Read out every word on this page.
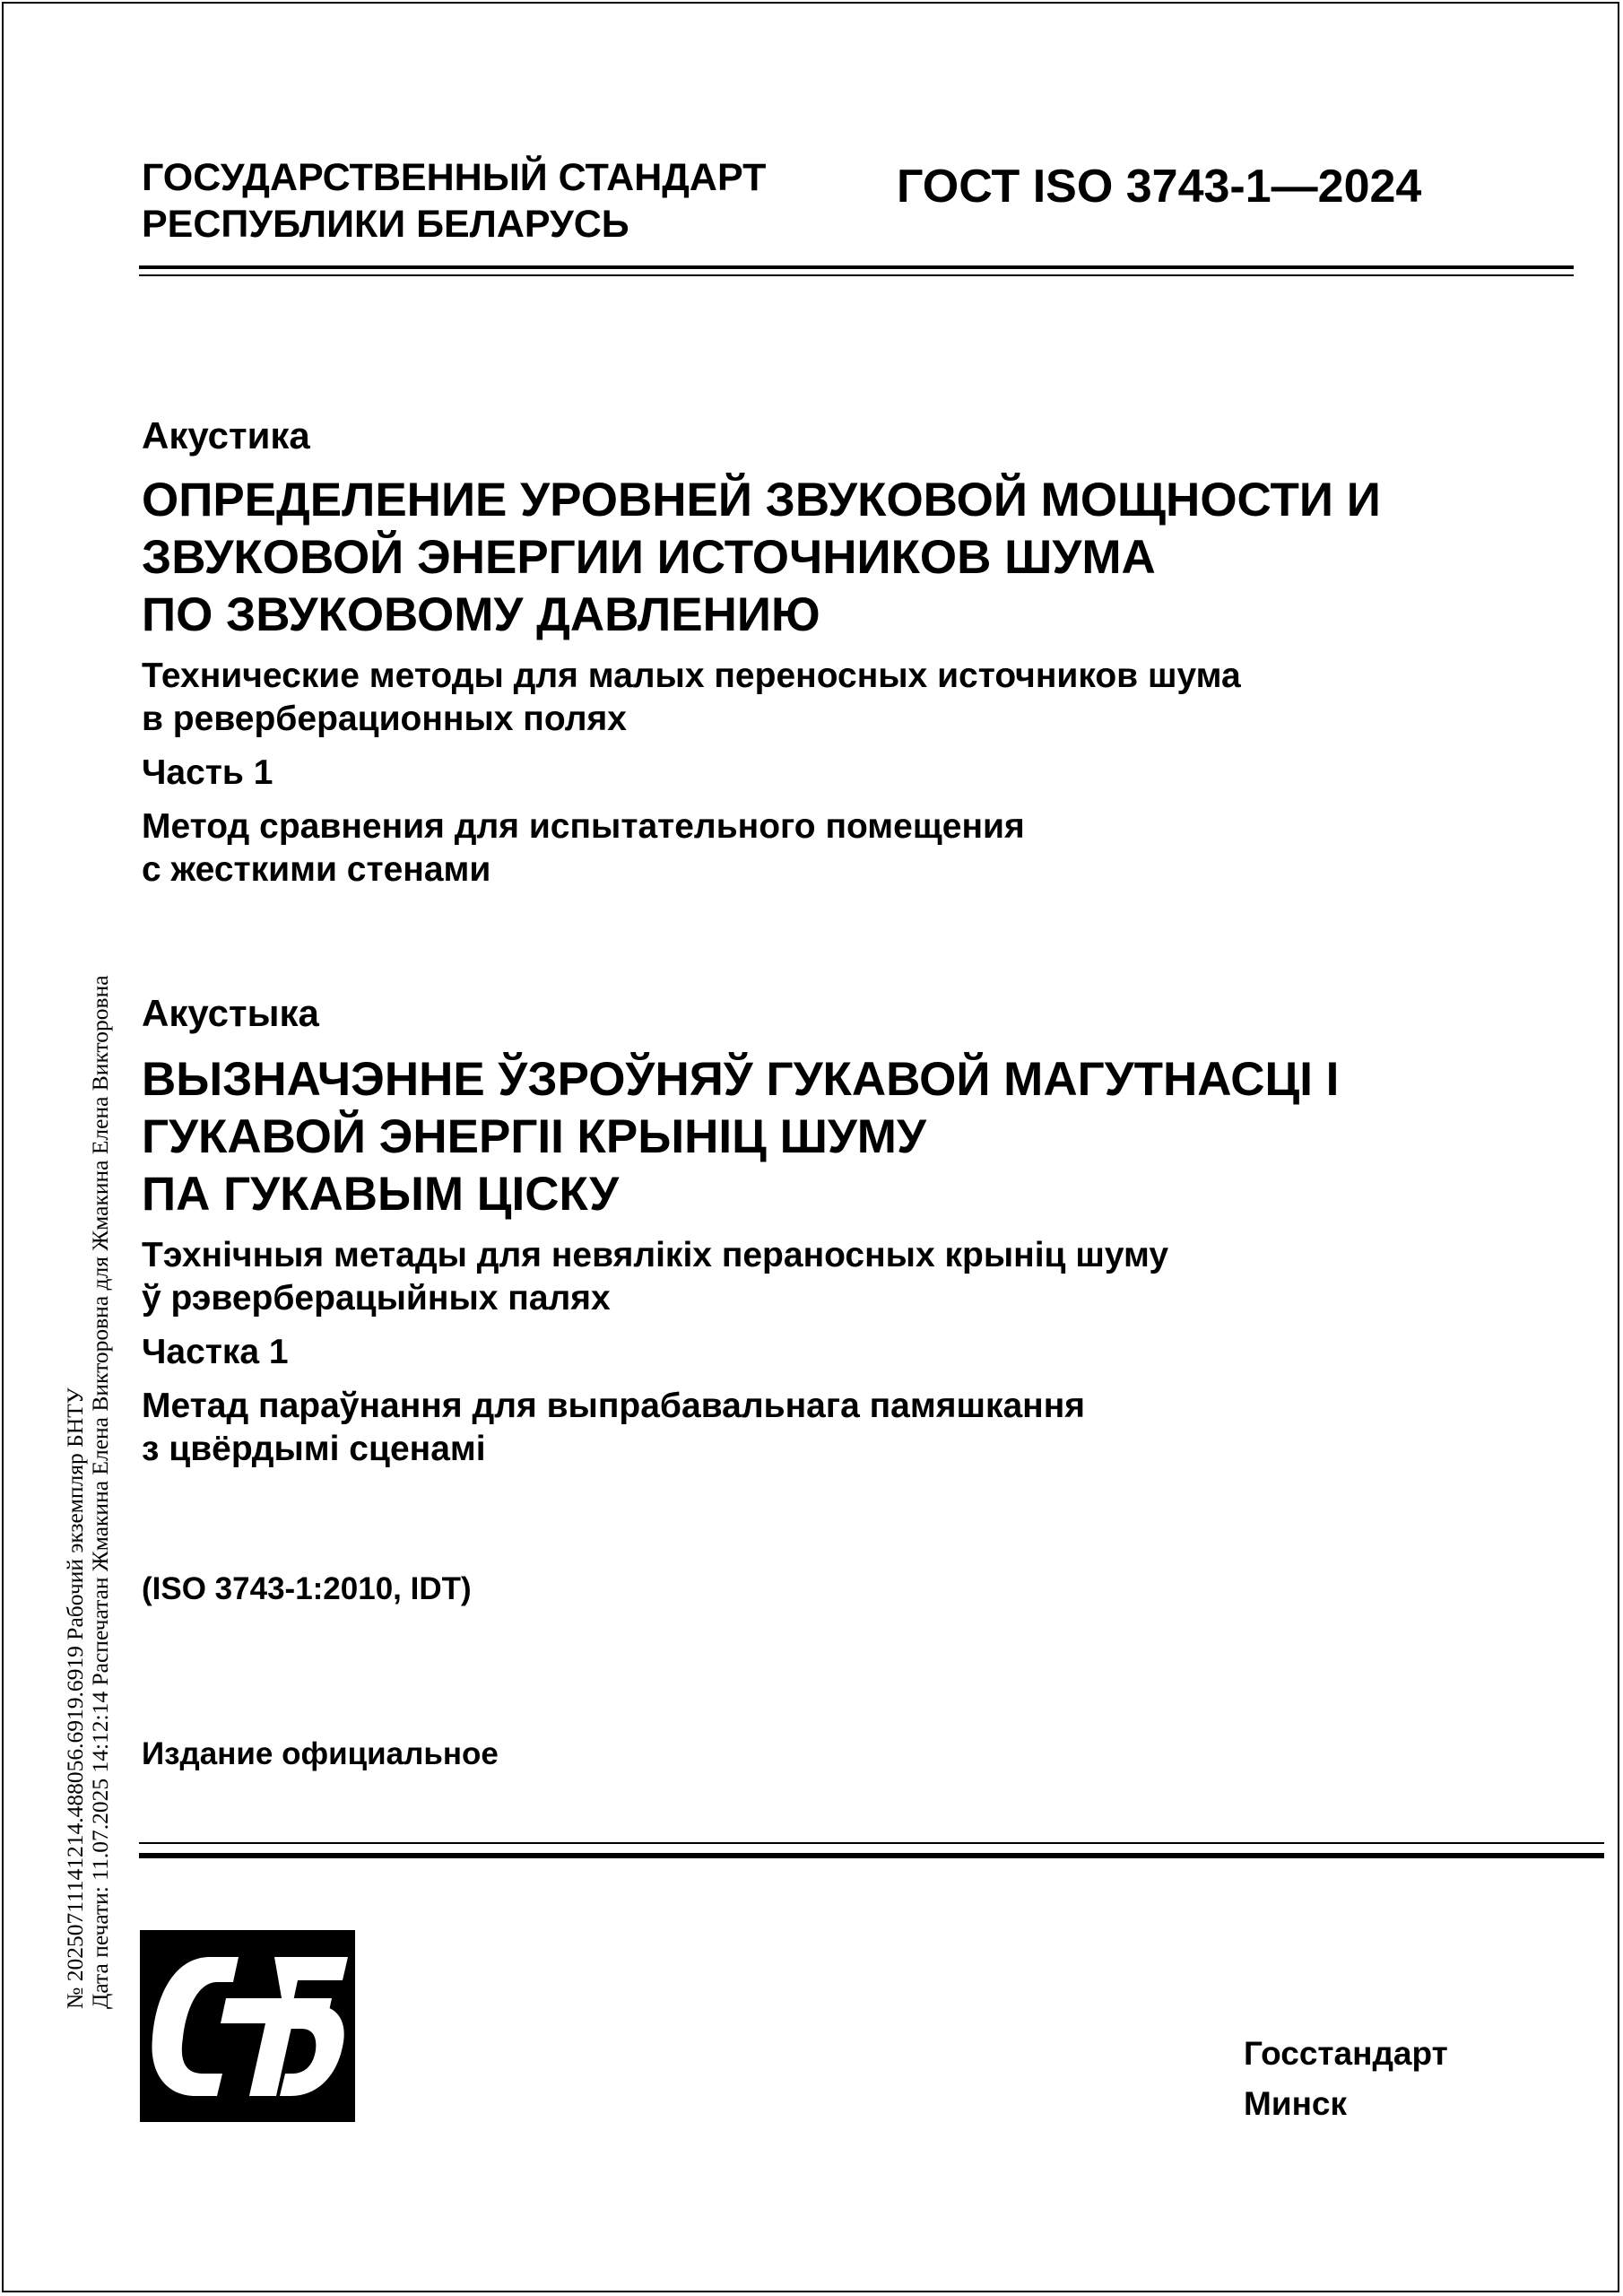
ГОСУДАРСТВЕННЫЙ СТАНДАРТ
РЕСПУБЛИКИ БЕЛАРУСЬ
ГОСТ ISO 3743-1—2024
Акустика
ОПРЕДЕЛЕНИЕ УРОВНЕЙ ЗВУКОВОЙ МОЩНОСТИ И
ЗВУКОВОЙ ЭНЕРГИИ ИСТОЧНИКОВ ШУМА
ПО ЗВУКОВОМУ ДАВЛЕНИЮ
Технические методы для малых переносных источников шума
в реверберационных полях
Часть 1
Метод сравнения для испытательного помещения
с жесткими стенами
Акустыка
ВЫЗНАЧЭННЕ ЎЗРОЎНЯЎ ГУКАВОЙ МАГУТНАСЦІ І
ГУКАВОЙ ЭНЕРГІІ КРЫНІЦ ШУМУ
ПА ГУКАВЫМ ЦІСКУ
Тэхнічныя метады для невялікіх пераносных крыніц шуму
ў рэверберацыйных палях
Частка 1
Метад параўнання для выпрабавальнага памяшкання
з цвёрдымі сценамі
(ISO 3743-1:2010, IDT)
Издание официальное
Госстандарт
Минск
№ 20250711141214.488056.6919.6919 Рабочий экземпляр БНТУ Дата печати: 11.07.2025 14:12:14 Распечатан Жмакина Елена Викторовна для Жмакина Елена Викторовна
